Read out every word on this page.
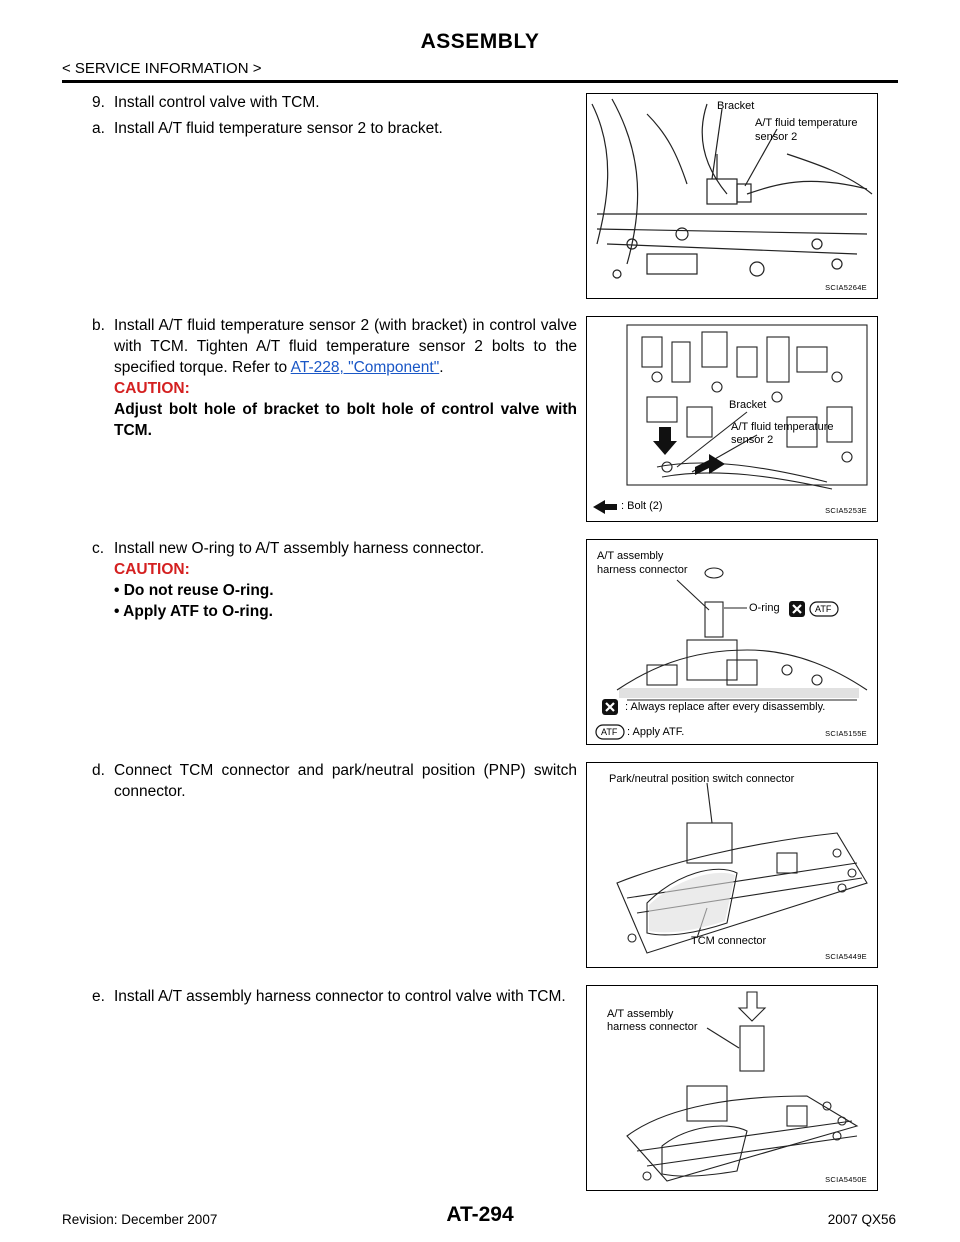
ASSEMBLY
< SERVICE INFORMATION >
9. Install control valve with TCM.
a. Install A/T fluid temperature sensor 2 to bracket.
b. Install A/T fluid temperature sensor 2 (with bracket) in control valve with TCM. Tighten A/T fluid temperature sensor 2 bolts to the specified torque. Refer to AT-228, "Component".
CAUTION:
Adjust bolt hole of bracket to bolt hole of control valve with TCM.
c. Install new O-ring to A/T assembly harness connector.
CAUTION:
• Do not reuse O-ring.
• Apply ATF to O-ring.
d. Connect TCM connector and park/neutral position (PNP) switch connector.
e. Install A/T assembly harness connector to control valve with TCM.
Bracket
A/T fluid temperature
sensor 2
SCIA5264E
Bracket
A/T fluid temperature
sensor 2
: Bolt (2)	SCIA5253E
A/T assembly
harness connector
O-ring	ATF
: Always replace after every disassembly.
ATF : Apply ATF.	SCIA5155E
Park/neutral position switch connector
TCM connector
SCIA5449E
A/T assembly
harness connector
SCIA5450E
Revision: December 2007	AT-294	2007 QX56
